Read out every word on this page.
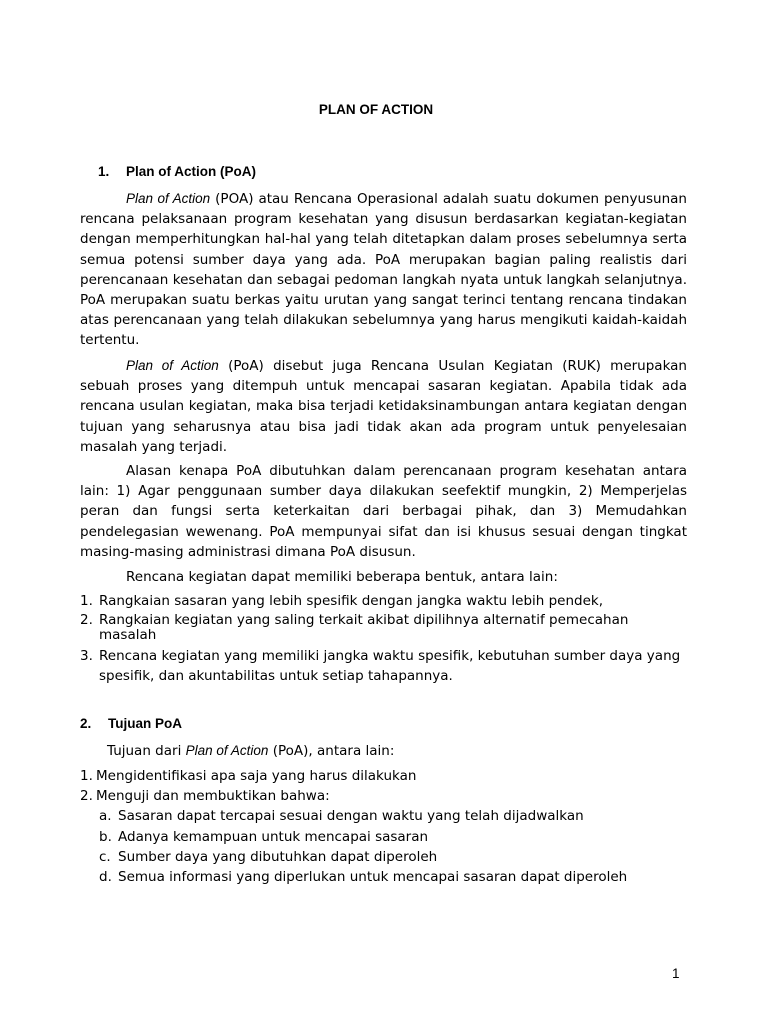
PLAN OF ACTION
1. Plan of Action (PoA)

Plan of Action (POA) atau Rencana Operasional adalah suatu dokumen penyusunan rencana pelaksanaan program kesehatan yang disusun berdasarkan kegiatan-kegiatan dengan memperhitungkan hal-hal yang telah ditetapkan dalam proses sebelumnya serta semua potensi sumber daya yang ada. PoA merupakan bagian paling realistis dari perencanaan kesehatan dan sebagai pedoman langkah nyata untuk langkah selanjutnya. PoA merupakan suatu berkas yaitu urutan yang sangat terinci tentang rencana tindakan atas perencanaan yang telah dilakukan sebelumnya yang harus mengikuti kaidah-kaidah tertentu.

Plan of Action (PoA) disebut juga Rencana Usulan Kegiatan (RUK) merupakan sebuah proses yang ditempuh untuk mencapai sasaran kegiatan. Apabila tidak ada rencana usulan kegiatan, maka bisa terjadi ketidaksinambungan antara kegiatan dengan tujuan yang seharusnya atau bisa jadi tidak akan ada program untuk penyelesaian masalah yang terjadi.

Alasan kenapa PoA dibutuhkan dalam perencanaan program kesehatan antara lain: 1) Agar penggunaan sumber daya dilakukan seefektif mungkin, 2) Memperjelas peran dan fungsi serta keterkaitan dari berbagai pihak, dan 3) Memudahkan pendelegasian wewenang. PoA mempunyai sifat dan isi khusus sesuai dengan tingkat masing-masing administrasi dimana PoA disusun.

Rencana kegiatan dapat memiliki beberapa bentuk, antara lain:

1. Rangkaian sasaran yang lebih spesifik dengan jangka waktu lebih pendek,
2. Rangkaian kegiatan yang saling terkait akibat dipilihnya alternatif pemecahan masalah
3. Rencana kegiatan yang memiliki jangka waktu spesifik, kebutuhan sumber daya yang spesifik, dan akuntabilitas untuk setiap tahapannya.
2. Tujuan PoA

Tujuan dari Plan of Action (PoA), antara lain:

1. Mengidentifikasi apa saja yang harus dilakukan
2. Menguji dan membuktikan bahwa:
a. Sasaran dapat tercapai sesuai dengan waktu yang telah dijadwalkan
b. Adanya kemampuan untuk mencapai sasaran
c. Sumber daya yang dibutuhkan dapat diperoleh
d. Semua informasi yang diperlukan untuk mencapai sasaran dapat diperoleh
1
